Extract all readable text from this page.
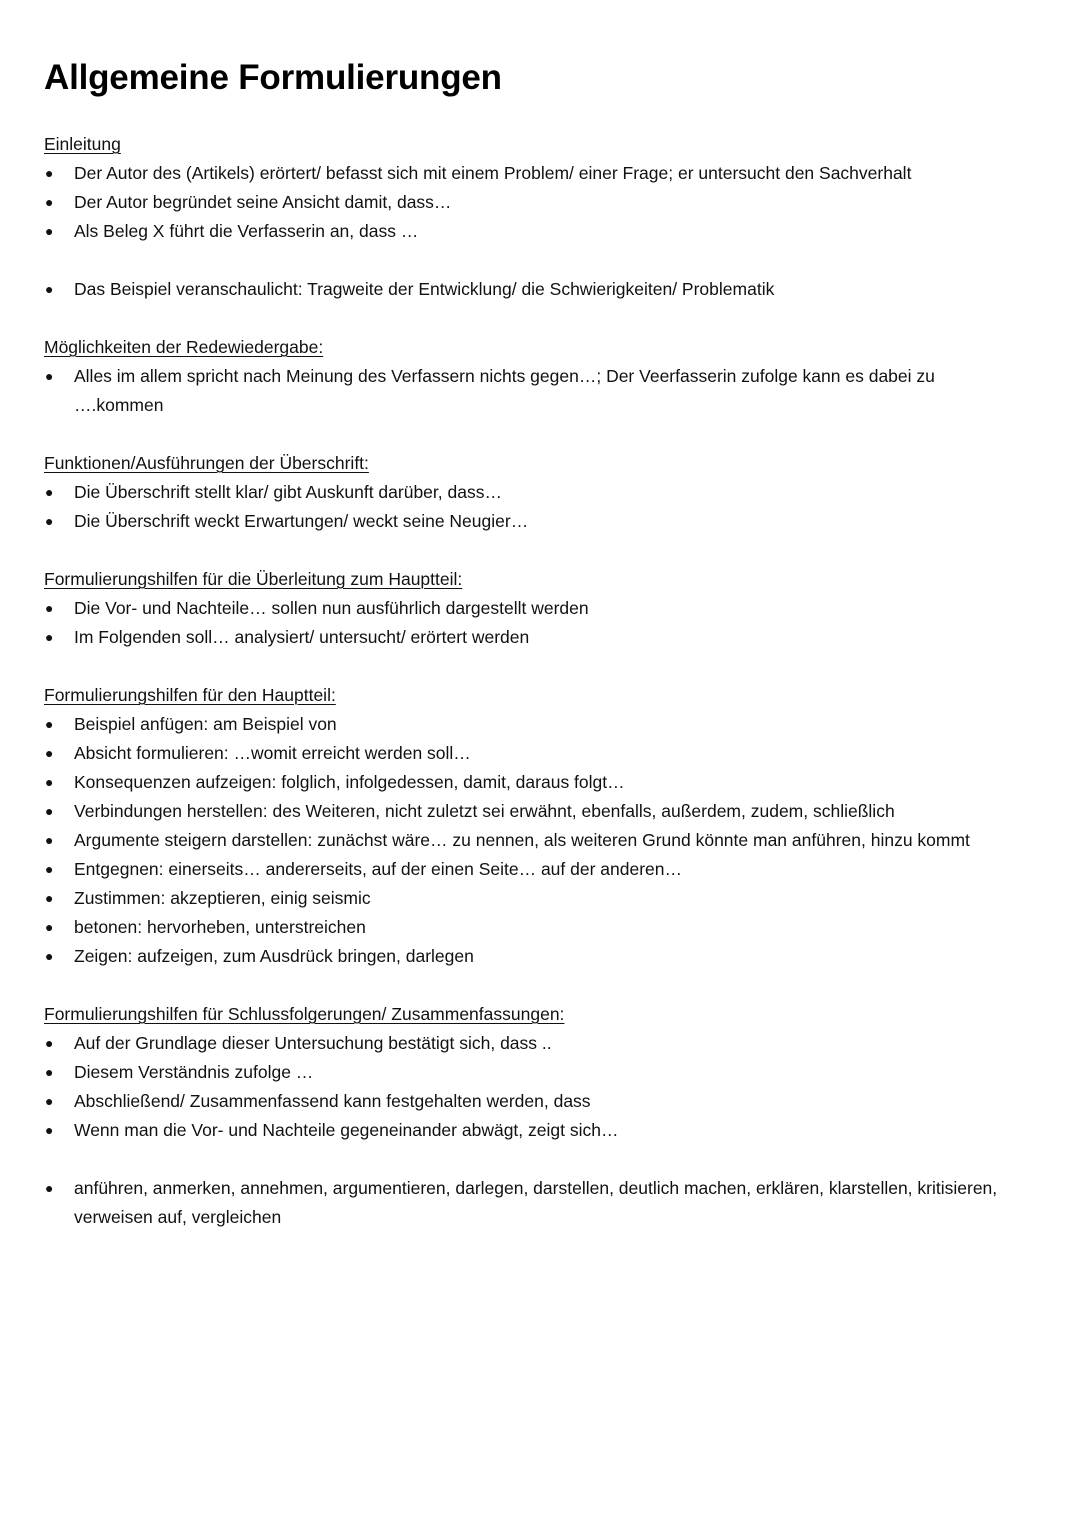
Allgemeine Formulierungen

Einleitung

● Der Autor des (Artikels) erörtert/ befasst sich mit einem Problem/ einer Frage; er untersucht den Sachverhalt
● Der Autor begründet seine Ansicht damit, dass…
● Als Beleg X führt die Verfasserin an, dass …
● Das Beispiel veranschaulicht: Tragweite der Entwicklung/ die Schwierigkeiten/ Problematik

Möglichkeiten der Redewiedergabe:

● Alles im allem spricht nach Meinung des Verfassern nichts gegen…; Der Veerfasserin zufolge kann es dabei zu ….kommen

Funktionen/Ausführungen der Überschrift:

● Die Überschrift stellt klar/ gibt Auskunft darüber, dass…
● Die Überschrift weckt Erwartungen/ weckt seine Neugier…

Formulierungshilfen für die Überleitung zum Hauptteil:

● Die Vor- und Nachteile… sollen nun ausführlich dargestellt werden
● Im Folgenden soll… analysiert/ untersucht/ erörtert werden

Formulierungshilfen für den Hauptteil:

● Beispiel anfügen: am Beispiel von
● Absicht formulieren: …womit erreicht werden soll…
● Konsequenzen aufzeigen: folglich, infolgedessen, damit, daraus folgt…
● Verbindungen herstellen: des Weiteren, nicht zuletzt sei erwähnt, ebenfalls, außerdem, zudem, schließlich
● Argumente steigern darstellen: zunächst wäre… zu nennen, als weiteren Grund könnte man anführen, hinzu kommt
● Entgegnen: einerseits… andererseits, auf der einen Seite… auf der anderen…
● Zustimmen: akzeptieren, einig seismic
● betonen: hervorheben, unterstreichen
● Zeigen: aufzeigen, zum Ausdrück bringen, darlegen

Formulierungshilfen für Schlussfolgerungen/ Zusammenfassungen:

● Auf der Grundlage dieser Untersuchung bestätigt sich, dass ..
● Diesem Verständnis zufolge …
● Abschließend/ Zusammenfassend kann festgehalten werden, dass
● Wenn man die Vor- und Nachteile gegeneinander abwägt, zeigt sich…
● anführen, anmerken, annehmen, argumentieren, darlegen, darstellen, deutlich machen, erklären, klarstellen, kritisieren, verweisen auf, vergleichen
